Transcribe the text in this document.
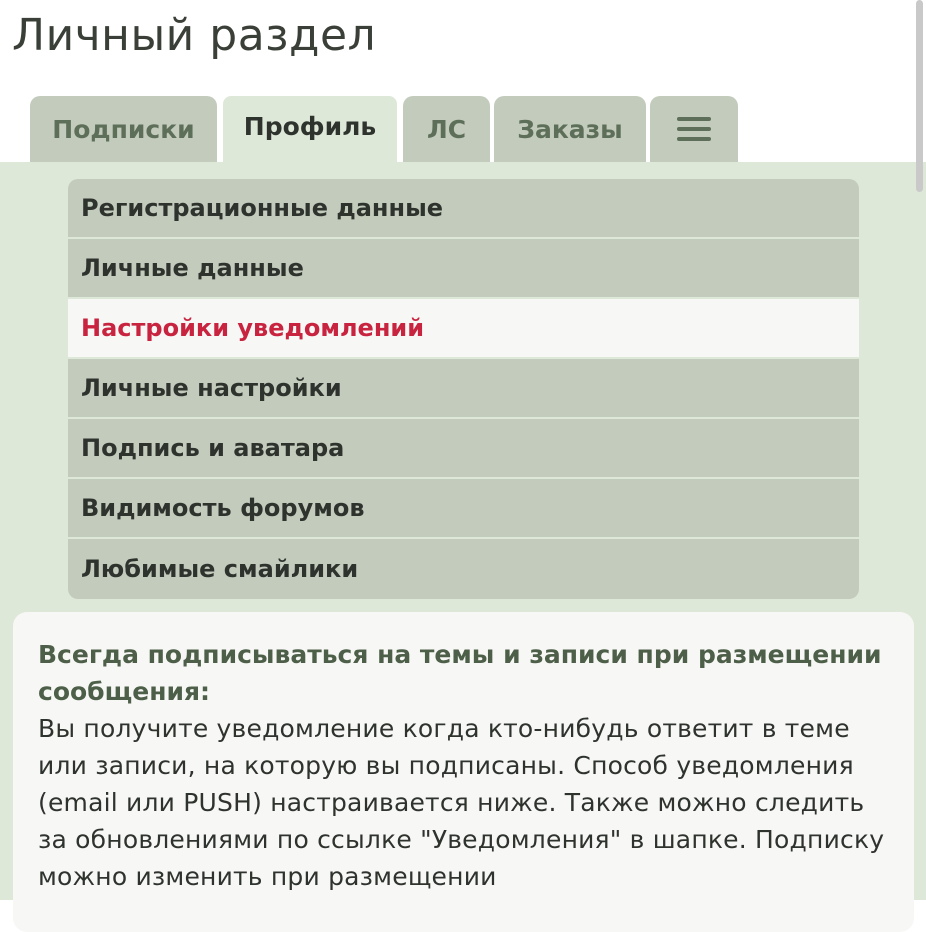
Личный раздел
Подписки	Профиль	ЛС	Заказы
Регистрационные данные
Личные данные
Настройки уведомлений
Личные настройки
Подпись и аватара
Видимость форумов
Любимые смайлики

Всегда подписываться на темы и записи при размещении сообщения:

Вы получите уведомление когда кто-нибудь ответит в теме или записи, на которую вы подписаны. Способ уведомления (email или PUSH) настраивается ниже. Также можно следить за обновлениями по ссылке "Уведомления" в шапке. Подписку можно изменить при размещении
